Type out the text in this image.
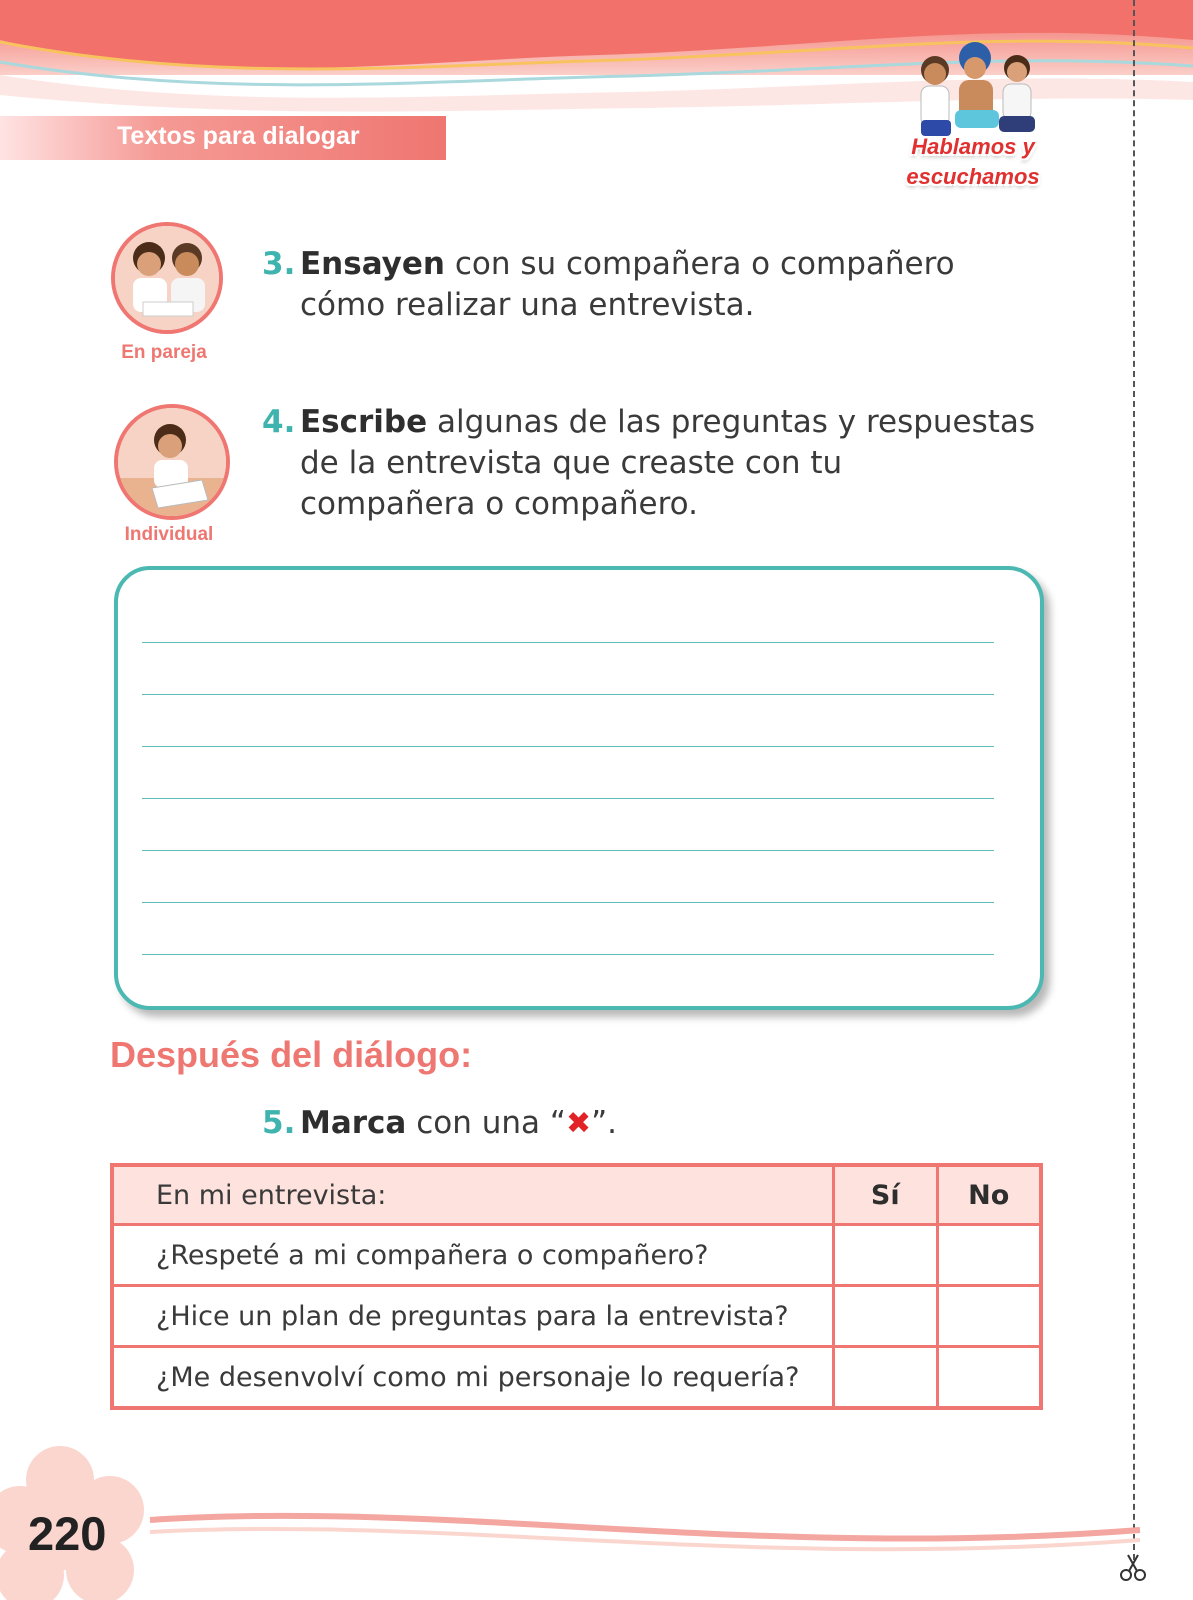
Textos para dialogar	Hablamos y
escuchamos
En pareja
Individual
3. Ensayen con su compañera o compañero
cómo realizar una entrevista.
4. Escribe algunas de las preguntas y respuestas
de la entrevista que creaste con tu
compañera o compañero.
Después del diálogo:
5. Marca con una “✖”.
En mi entrevista:	Sí	No
¿Respeté a mi compañera o compañero?		
¿Hice un plan de preguntas para la entrevista?		
¿Me desenvolví como mi personaje lo requería?		
220
